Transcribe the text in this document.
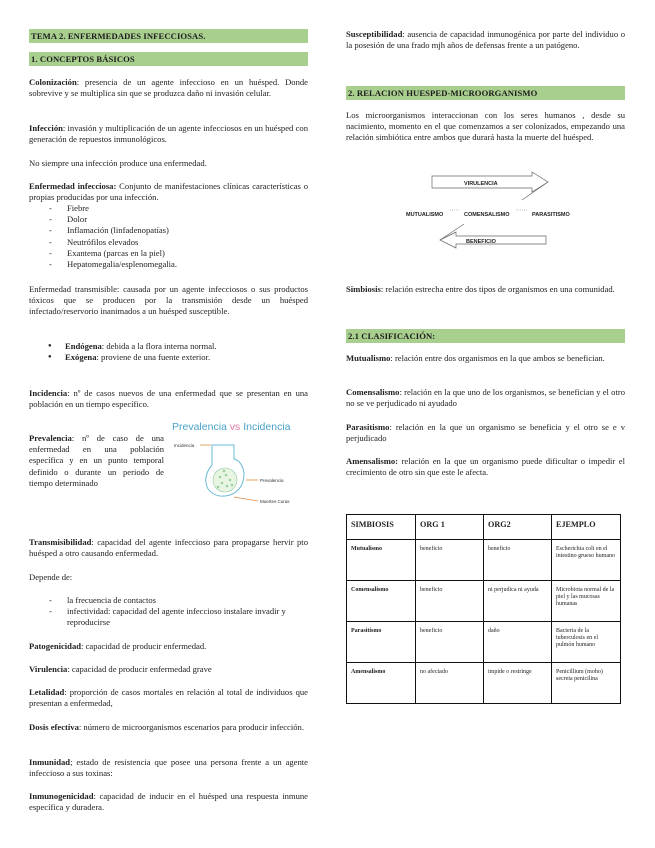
TEMA 2. ENFERMEDADES INFECCIOSAS.
1. CONCEPTOS BÁSICOS

Colonización: presencia de un agente infeccioso en un huésped. Donde sobrevive y se multiplica sin que se produzca daño ni invasión celular.

Infección: invasión y multiplicación de un agente infecciosos en un huésped con generación de repuestos inmunológicos.

No siempre una infección produce una enfermedad.

Enfermedad infecciosa: Conjunto de manifestaciones clínicas características o propias producidas por una infección.

- Fiebre
- Dolor
- Inflamación (linfadenopatías)
- Neutrófilos elevados
- Exantema (parcas en la piel)
- Hepatomegalia/esplenomegalia.

Enfermedad transmisible: causada por un agente infecciosos o sus productos tóxicos que se producen por la transmisión desde un huésped infectado/reservorio inanimados a un huésped susceptible.

● Endógena: debida a la flora interna normal.
● Exógena: proviene de una fuente exterior.

Incidencia: nº de casos nuevos de una enfermedad que se presentan en una población en un tiempo específico.

Prevalencia: nº de caso de una enfermedad en una población específica y en un punto temporal definido o durante un periodo de tiempo determinado

Prevalencia vs Incidencia
Incidencia
Prevalencia
Muertes Curas

Transmisibilidad: capacidad del agente infeccioso para propagarse hervir pto huésped a otro causando enfermedad.

Depende de:

- la frecuencia de contactos
- infectividad: capacidad del agente infeccioso instalare invadir y reproducirse

Patogenicidad: capacidad de producir enfermedad.

Virulencia: capacidad de producir enfermedad grave

Letalidad: proporción de casos mortales en relación al total de individuos que presentan a enfermedad,

Dosis efectiva: número de microorganismos escenarios para producir infección.

Inmunidad; estado de resistencia que posee una persona frente a un agente infeccioso a sus toxinas:

Inmunogenicidad: capacidad de inducir en el huésped una respuesta inmune específica y duradera.

Susceptibilidad: ausencia de capacidad inmunogénica por parte del individuo o la posesión de una frado mjh años de defensas frente a un patógeno.

2. RELACION HUESPED-MICROORGANISMO

Los microorganismos interaccionan con los seres humanos , desde su nacimiento, momento en el que comenzamos a ser colonizados, empezando una relación simbiótica entre ambos que durará hasta la muerte del huésped.

VIRULENCIA
BENEFICIO
MUTUALISMO	COMENSALISMO	PARASITISMO

Simbiosis: relación estrecha entre dos tipos de organismos en una comunidad.

2.1 CLASIFICACIÓN:

Mutualismo: relación entre dos organismos en la que ambos se benefician.

Comensalismo: relación en la que uno de los organismos, se benefician y el otro no se ve perjudicado ni ayudado

Parasitismo: relación en la que un organismo se beneficia y el otro se e v perjudicado

Amensalismo: relación en la que un organismo puede dificultar o impedir el crecimiento de otro sin que este le afecta.

SIMBIOSIS	ORG 1	ORG2	EJEMPLO
Mutualismo	beneficio	beneficio	Escherichia coli en el intestino grueso humano
Comensalismo	beneficio	ni perjudica ni ayuda	Microbiota normal de la piel y las mucosas humanas
Parasitismo	beneficio	daño	Bacteria de la tuberculosis en el pulmón humano
Amensalismo	no afectado	impide o restringe	Penicillium (moho) secreta penicilina
